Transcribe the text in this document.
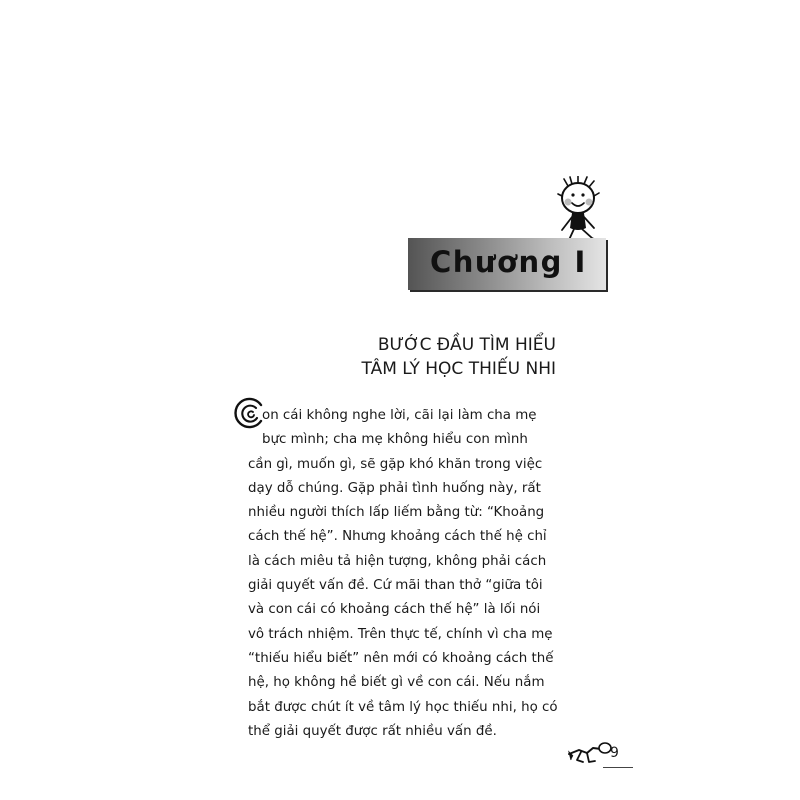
Chương I
BƯỚC ĐẦU TÌM HIỂU
TÂM LÝ HỌC THIẾU NHI
on cái không nghe lời, cãi lại làm cha mẹ
bực mình; cha mẹ không hiểu con mình
cần gì, muốn gì, sẽ gặp khó khăn trong việc
dạy dỗ chúng. Gặp phải tình huống này, rất
nhiều người thích lấp liếm bằng từ: “Khoảng
cách thế hệ”. Nhưng khoảng cách thế hệ chỉ
là cách miêu tả hiện tượng, không phải cách
giải quyết vấn đề. Cứ mãi than thở “giữa tôi
và con cái có khoảng cách thế hệ” là lối nói
vô trách nhiệm. Trên thực tế, chính vì cha mẹ
“thiếu hiểu biết” nên mới có khoảng cách thế
hệ, họ không hề biết gì về con cái. Nếu nắm
bắt được chút ít về tâm lý học thiếu nhi, họ có
thể giải quyết được rất nhiều vấn đề.
9
